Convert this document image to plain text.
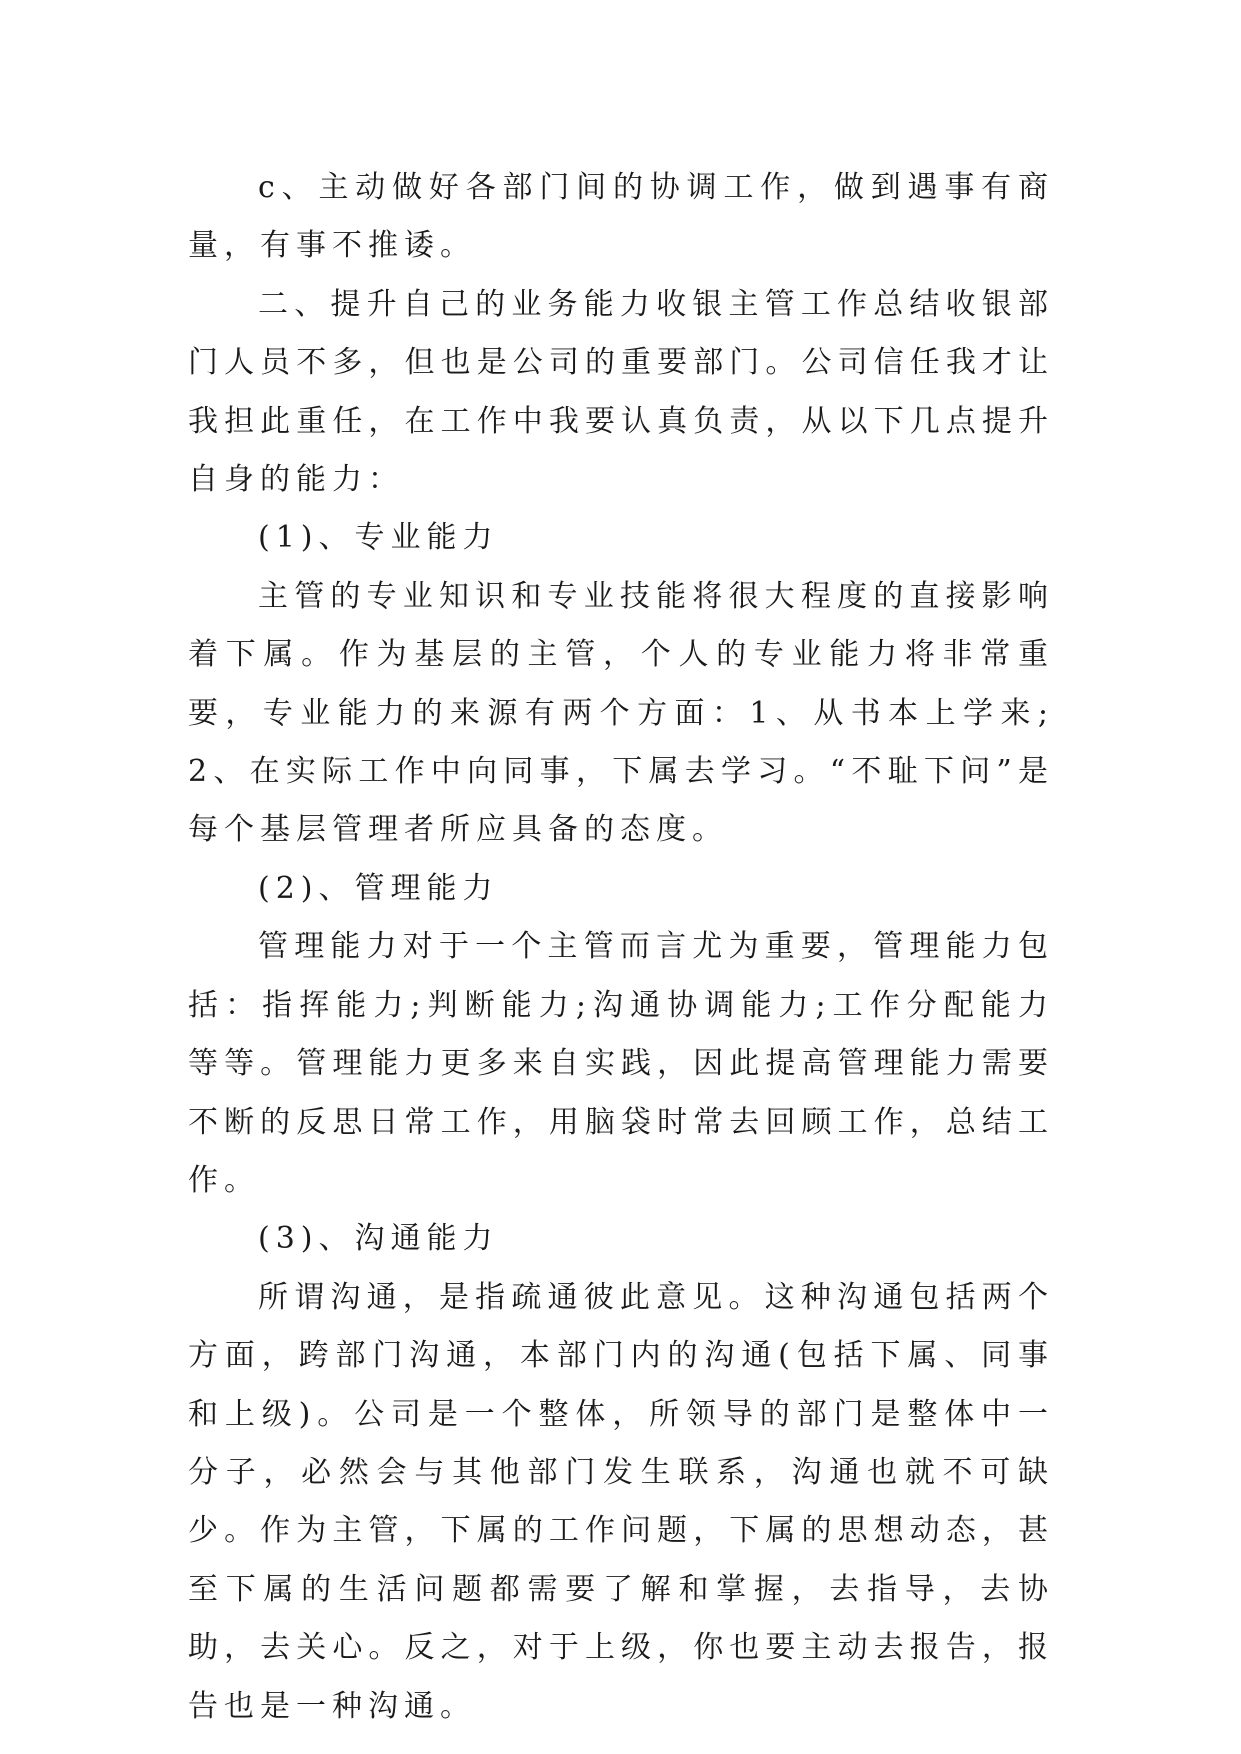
c、主动做好各部门间的协调工作，做到遇事有商量，有事不推诿。

二、提升自己的业务能力收银主管工作总结收银部门人员不多，但也是公司的重要部门。公司信任我才让我担此重任，在工作中我要认真负责，从以下几点提升自身的能力：

(1)、专业能力

主管的专业知识和专业技能将很大程度的直接影响着下属。作为基层的主管，个人的专业能力将非常重要，专业能力的来源有两个方面：1、从书本上学来;2、在实际工作中向同事，下属去学习。“不耻下问”是每个基层管理者所应具备的态度。

(2)、管理能力

管理能力对于一个主管而言尤为重要，管理能力包括：指挥能力;判断能力;沟通协调能力;工作分配能力等等。管理能力更多来自实践，因此提高管理能力需要不断的反思日常工作，用脑袋时常去回顾工作，总结工作。

(3)、沟通能力

所谓沟通，是指疏通彼此意见。这种沟通包括两个方面，跨部门沟通，本部门内的沟通(包括下属、同事和上级)。公司是一个整体，所领导的部门是整体中一分子，必然会与其他部门发生联系，沟通也就不可缺少。作为主管，下属的工作问题，下属的思想动态，甚至下属的生活问题都需要了解和掌握，去指导，去协助，去关心。反之，对于上级，你也要主动去报告，报告也是一种沟通。
